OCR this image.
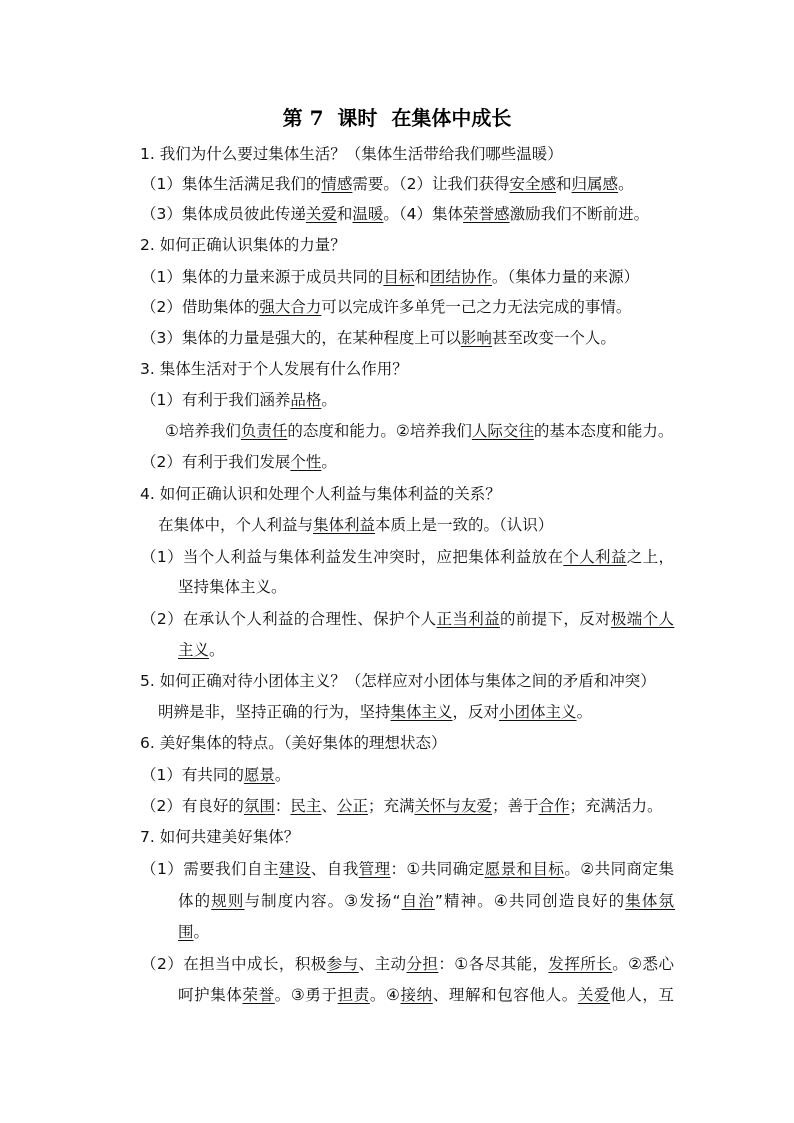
第 7  课时  在集体中成长
1. 我们为什么要过集体生活？（集体生活带给我们哪些温暖）
（1）集体生活满足我们的情感需要。（2）让我们获得安全感和归属感。
（3）集体成员彼此传递关爱和温暖。（4）集体荣誉感激励我们不断前进。
2. 如何正确认识集体的力量？
（1）集体的力量来源于成员共同的目标和团结协作。（集体力量的来源）
（2）借助集体的强大合力可以完成许多单凭一己之力无法完成的事情。
（3）集体的力量是强大的，在某种程度上可以影响甚至改变一个人。
3. 集体生活对于个人发展有什么作用？
（1）有利于我们涵养品格。
①培养我们负责任的态度和能力。②培养我们人际交往的基本态度和能力。
（2）有利于我们发展个性。
4. 如何正确认识和处理个人利益与集体利益的关系？
在集体中，个人利益与集体利益本质上是一致的。（认识）
（1）当个人利益与集体利益发生冲突时，应把集体利益放在个人利益之上，
坚持集体主义。
（2）在承认个人利益的合理性、保护个人正当利益的前提下，反对极端个人
主义。
5. 如何正确对待小团体主义？（怎样应对小团体与集体之间的矛盾和冲突）
明辨是非，坚持正确的行为，坚持集体主义，反对小团体主义。
6. 美好集体的特点。（美好集体的理想状态）
（1）有共同的愿景。
（2）有良好的氛围：民主、公正；充满关怀与友爱；善于合作；充满活力。
7. 如何共建美好集体？
（1）需要我们自主建设、自我管理：①共同确定愿景和目标。②共同商定集
体的规则与制度内容。③发扬“自治”精神。④共同创造良好的集体氛
围。
（2）在担当中成长，积极参与、主动分担：①各尽其能，发挥所长。②悉心
呵护集体荣誉。③勇于担责。④接纳、理解和包容他人。关爱他人，互
